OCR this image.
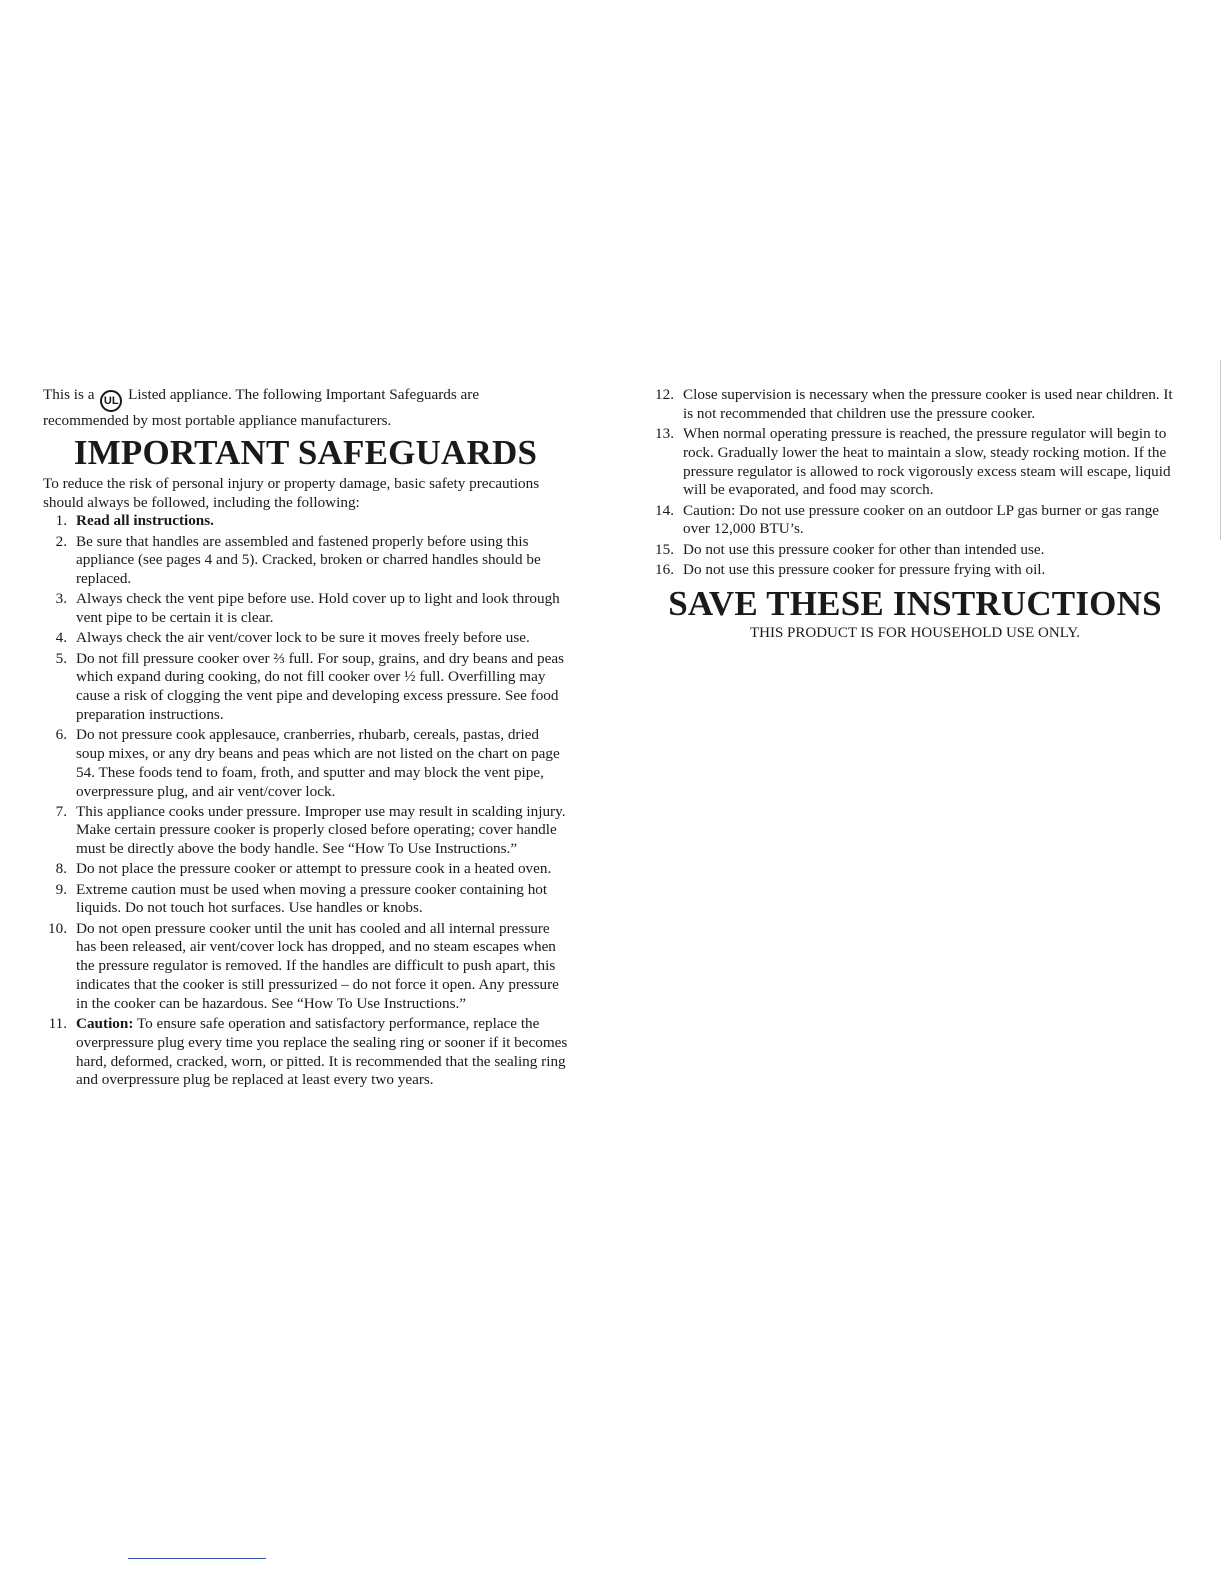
This is a UL Listed appliance. The following Important Safeguards are recommended by most portable appliance manufacturers.

IMPORTANT SAFEGUARDS

To reduce the risk of personal injury or property damage, basic safety precautions should always be followed, including the following:

1. Read all instructions.
2. Be sure that handles are assembled and fastened properly before using this appliance (see pages 4 and 5). Cracked, broken or charred handles should be replaced.
3. Always check the vent pipe before use. Hold cover up to light and look through vent pipe to be certain it is clear.
4. Always check the air vent/cover lock to be sure it moves freely before use.
5. Do not fill pressure cooker over ⅔ full. For soup, grains, and dry beans and peas which expand during cooking, do not fill cooker over ½ full. Overfilling may cause a risk of clogging the vent pipe and developing excess pressure. See food preparation instructions.
6. Do not pressure cook applesauce, cranberries, rhubarb, cereals, pastas, dried soup mixes, or any dry beans and peas which are not listed on the chart on page 54. These foods tend to foam, froth, and sputter and may block the vent pipe, overpressure plug, and air vent/cover lock.
7. This appliance cooks under pressure. Improper use may result in scalding injury. Make certain pressure cooker is properly closed before operating; cover handle must be directly above the body handle. See “How To Use Instructions.”
8. Do not place the pressure cooker or attempt to pressure cook in a heated oven.
9. Extreme caution must be used when moving a pressure cooker containing hot liquids. Do not touch hot surfaces. Use handles or knobs.
10. Do not open pressure cooker until the unit has cooled and all internal pressure has been released, air vent/cover lock has dropped, and no steam escapes when the pressure regulator is removed. If the handles are difficult to push apart, this indicates that the cooker is still pressurized – do not force it open. Any pressure in the cooker can be hazardous. See “How To Use Instructions.”
11. Caution: To ensure safe operation and satisfactory performance, replace the overpressure plug every time you replace the sealing ring or sooner if it becomes hard, deformed, cracked, worn, or pitted. It is recommended that the sealing ring and overpressure plug be replaced at least every two years.
12. Close supervision is necessary when the pressure cooker is used near children. It is not recommended that children use the pressure cooker.
13. When normal operating pressure is reached, the pressure regulator will begin to rock. Gradually lower the heat to maintain a slow, steady rocking motion. If the pressure regulator is allowed to rock vigorously excess steam will escape, liquid will be evaporated, and food may scorch.
14. Caution: Do not use pressure cooker on an outdoor LP gas burner or gas range over 12,000 BTU’s.
15. Do not use this pressure cooker for other than intended use.
16. Do not use this pressure cooker for pressure frying with oil.
SAVE THESE INSTRUCTIONS

THIS PRODUCT IS FOR HOUSEHOLD USE ONLY.
